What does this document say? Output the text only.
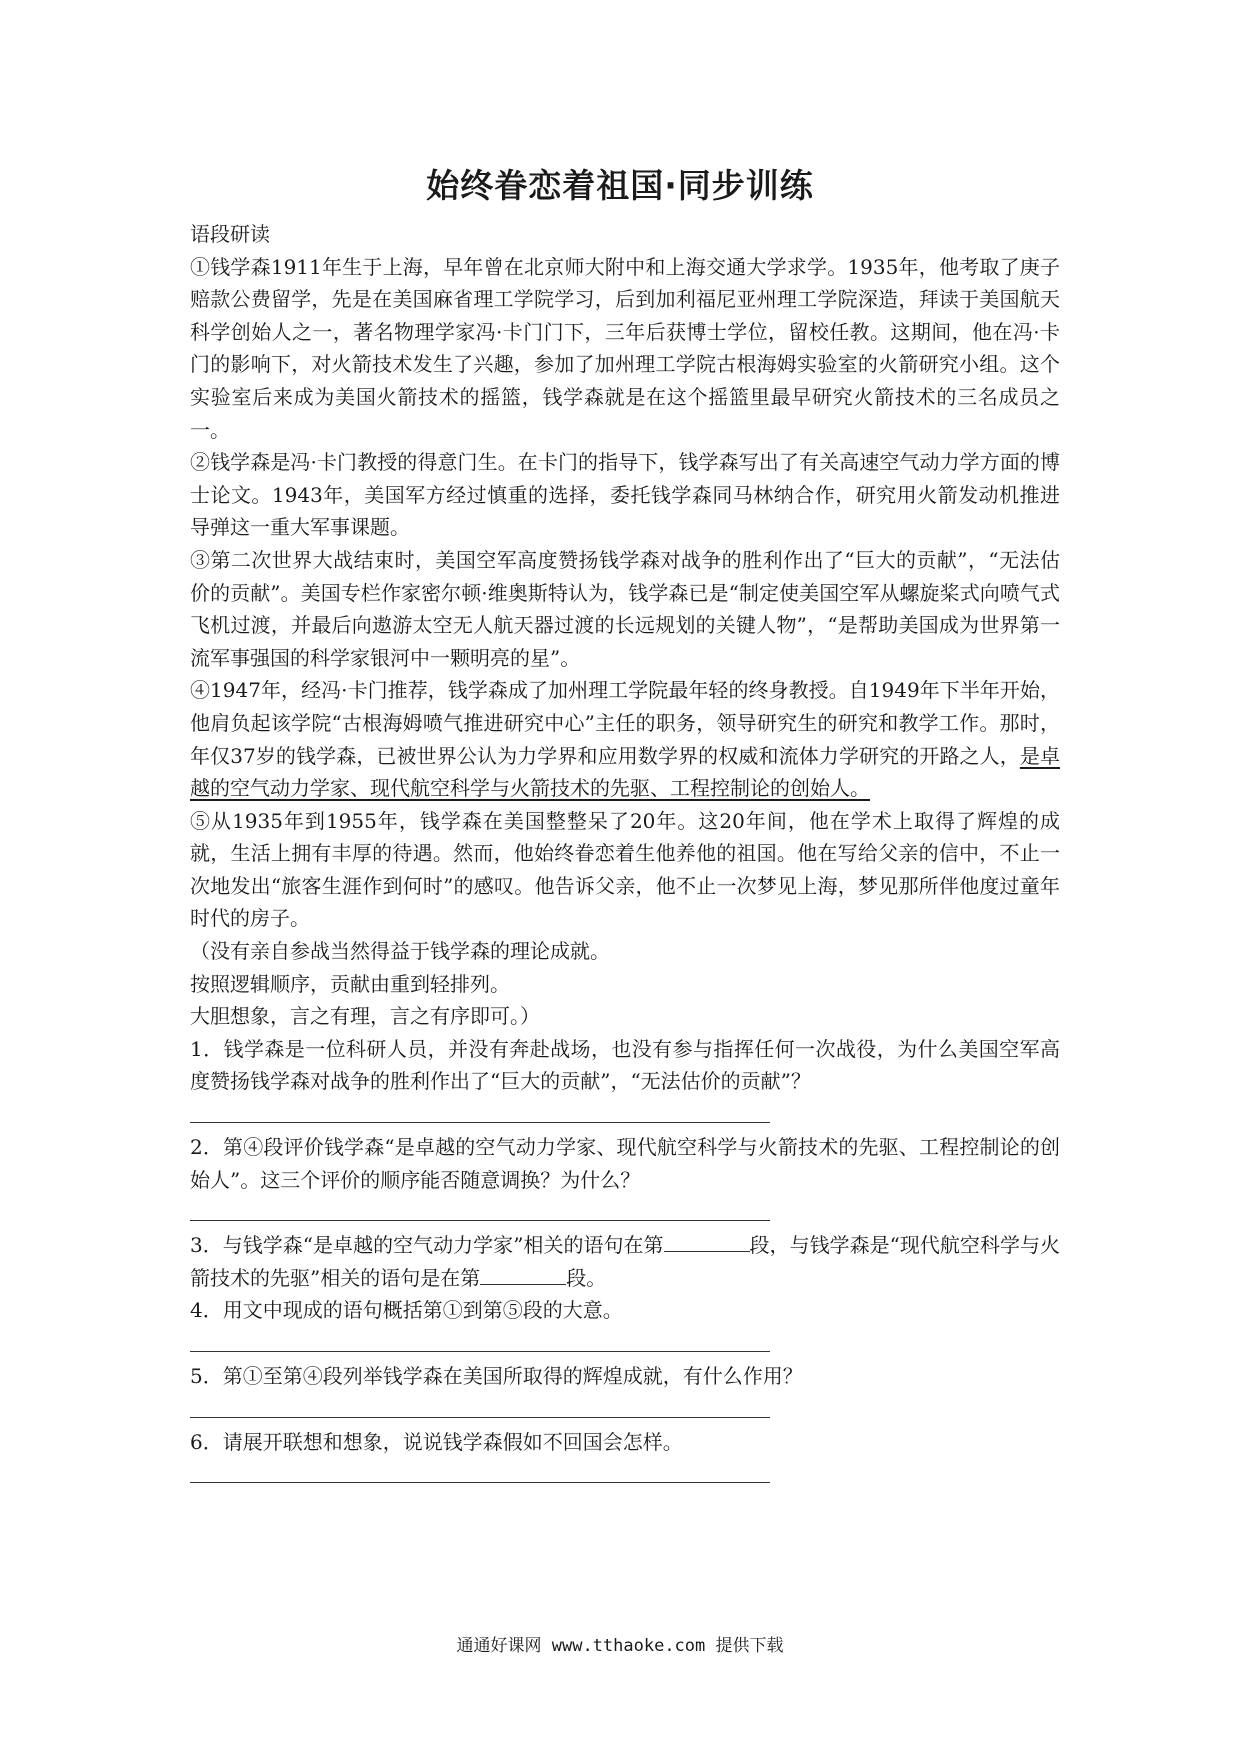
始终眷恋着祖国·同步训练

语段研读

①钱学森1911年生于上海，早年曾在北京师大附中和上海交通大学求学。1935年，他考取了庚子赔款公费留学，先是在美国麻省理工学院学习，后到加利福尼亚州理工学院深造，拜读于美国航天科学创始人之一，著名物理学家冯·卡门门下，三年后获博士学位，留校任教。这期间，他在冯·卡门的影响下，对火箭技术发生了兴趣，参加了加州理工学院古根海姆实验室的火箭研究小组。这个实验室后来成为美国火箭技术的摇篮，钱学森就是在这个摇篮里最早研究火箭技术的三名成员之一。

②钱学森是冯·卡门教授的得意门生。在卡门的指导下，钱学森写出了有关高速空气动力学方面的博士论文。1943年，美国军方经过慎重的选择，委托钱学森同马林纳合作，研究用火箭发动机推进导弹这一重大军事课题。

③第二次世界大战结束时，美国空军高度赞扬钱学森对战争的胜利作出了“巨大的贡献”，“无法估价的贡献”。美国专栏作家密尔顿·维奥斯特认为，钱学森已是“制定使美国空军从螺旋桨式向喷气式飞机过渡，并最后向遨游太空无人航天器过渡的长远规划的关键人物”，“是帮助美国成为世界第一流军事强国的科学家银河中一颗明亮的星”。

④1947年，经冯·卡门推荐，钱学森成了加州理工学院最年轻的终身教授。自1949年下半年开始，他肩负起该学院“古根海姆喷气推进研究中心”主任的职务，领导研究生的研究和教学工作。那时，年仅37岁的钱学森，已被世界公认为力学界和应用数学界的权威和流体力学研究的开路之人，是卓越的空气动力学家、现代航空科学与火箭技术的先驱、工程控制论的创始人。

⑤从1935年到1955年，钱学森在美国整整呆了20年。这20年间，他在学术上取得了辉煌的成就，生活上拥有丰厚的待遇。然而，他始终眷恋着生他养他的祖国。他在写给父亲的信中，不止一次地发出“旅客生涯作到何时”的感叹。他告诉父亲，他不止一次梦见上海，梦见那所伴他度过童年时代的房子。

（没有亲自参战当然得益于钱学森的理论成就。

按照逻辑顺序，贡献由重到轻排列。

大胆想象，言之有理，言之有序即可。）

1．钱学森是一位科研人员，并没有奔赴战场，也没有参与指挥任何一次战役，为什么美国空军高度赞扬钱学森对战争的胜利作出了“巨大的贡献”，“无法估价的贡献”？

2．第④段评价钱学森“是卓越的空气动力学家、现代航空科学与火箭技术的先驱、工程控制论的创始人”。这三个评价的顺序能否随意调换？为什么？

3．与钱学森“是卓越的空气动力学家”相关的语句在第	段，与钱学森是“现代航空科学与火箭技术的先驱”相关的语句是在第	段。

4．用文中现成的语句概括第①到第⑤段的大意。

5．第①至第④段列举钱学森在美国所取得的辉煌成就，有什么作用？

6．请展开联想和想象，说说钱学森假如不回国会怎样。

通通好课网 www.tthaoke.com 提供下载
